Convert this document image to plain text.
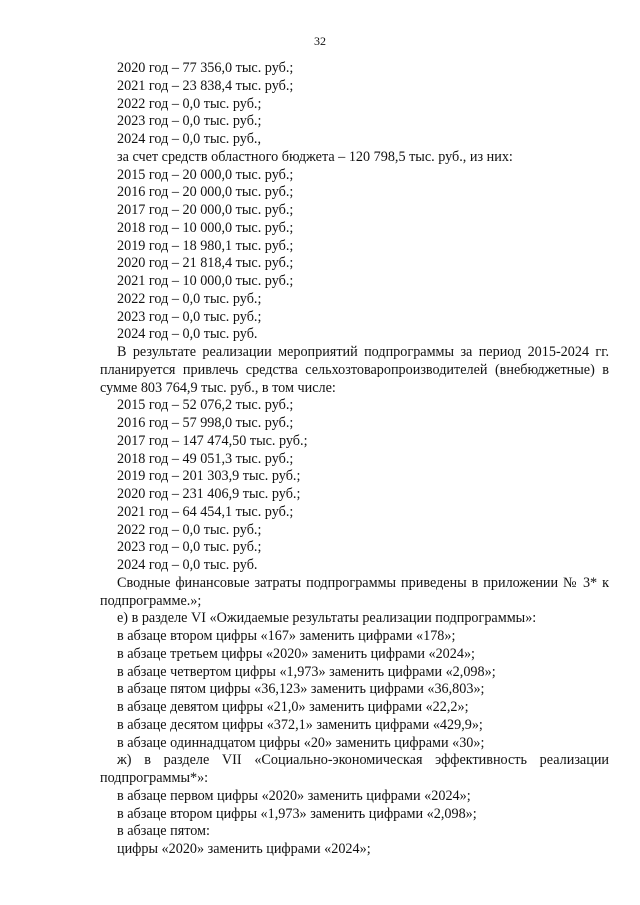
32

2020 год – 77 356,0 тыс. руб.;

2021 год – 23 838,4 тыс. руб.;

2022 год – 0,0 тыс. руб.;

2023 год – 0,0 тыс. руб.;

2024 год – 0,0 тыс. руб.,

за счет средств областного бюджета – 120 798,5 тыс. руб., из них:

2015 год – 20 000,0 тыс. руб.;

2016 год – 20 000,0 тыс. руб.;

2017 год – 20 000,0 тыс. руб.;

2018 год – 10 000,0 тыс. руб.;

2019 год – 18 980,1 тыс. руб.;

2020 год – 21 818,4 тыс. руб.;

2021 год – 10 000,0 тыс. руб.;

2022 год – 0,0 тыс. руб.;

2023 год – 0,0 тыс. руб.;

2024 год – 0,0 тыс. руб.

В результате реализации мероприятий подпрограммы за период 2015-2024 гг. планируется привлечь средства сельхозтоваропроизводителей (внебюджетные) в сумме 803 764,9 тыс. руб., в том числе:

2015 год – 52 076,2 тыс. руб.;

2016 год – 57 998,0 тыс. руб.;

2017 год – 147 474,50 тыс. руб.;

2018 год – 49 051,3 тыс. руб.;

2019 год – 201 303,9 тыс. руб.;

2020 год – 231 406,9 тыс. руб.;

2021 год – 64 454,1 тыс. руб.;

2022 год – 0,0 тыс. руб.;

2023 год – 0,0 тыс. руб.;

2024 год – 0,0 тыс. руб.

Сводные финансовые затраты подпрограммы приведены в приложении № 3* к подпрограмме.»;

е) в разделе VI «Ожидаемые результаты реализации подпрограммы»:

в абзаце втором цифры «167» заменить цифрами «178»;

в абзаце третьем цифры «2020» заменить цифрами «2024»;

в абзаце четвертом цифры «1,973» заменить цифрами «2,098»;

в абзаце пятом цифры «36,123» заменить цифрами «36,803»;

в абзаце девятом цифры «21,0» заменить цифрами «22,2»;

в абзаце десятом цифры «372,1» заменить цифрами «429,9»;

в абзаце одиннадцатом цифры «20» заменить цифрами «30»;

ж) в разделе VII «Социально-экономическая эффективность реализации подпрограммы*»:

в абзаце первом цифры «2020» заменить цифрами «2024»;

в абзаце втором цифры «1,973» заменить цифрами «2,098»;

в абзаце пятом:

цифры «2020» заменить цифрами «2024»;
